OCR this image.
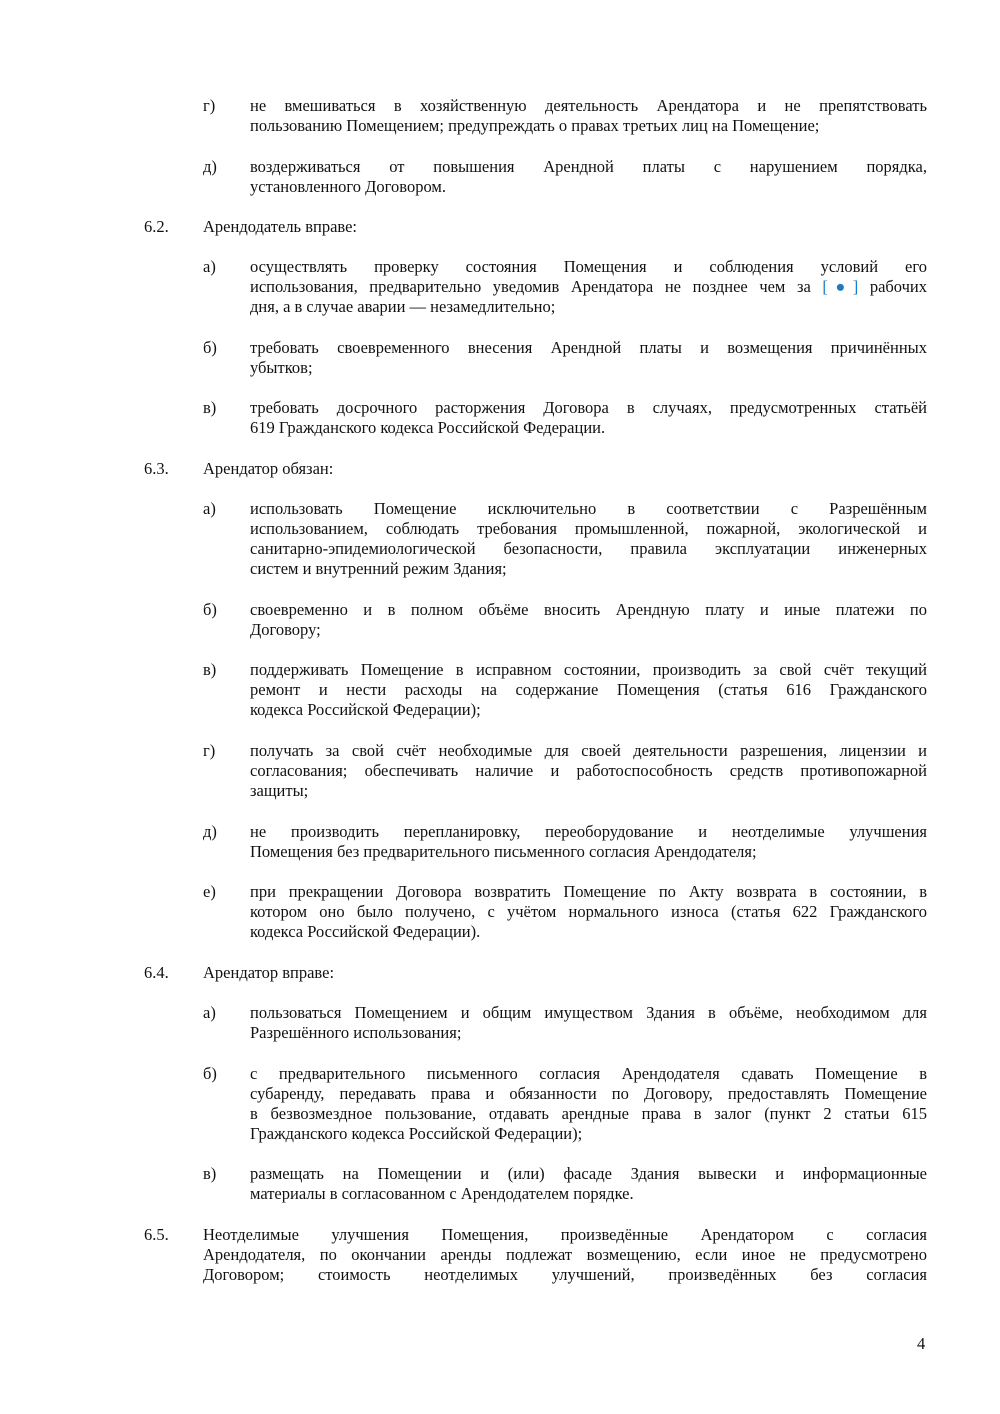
г) не вмешиваться в хозяйственную деятельность Арендатора и не препятствовать
пользованию Помещением; предупреждать о правах третьих лиц на Помещение;
д) воздерживаться от повышения Арендной платы с нарушением порядка,
установленного Договором.
6.2. Арендодатель вправе:
а) осуществлять проверку состояния Помещения и соблюдения условий его
использования, предварительно уведомив Арендатора не позднее чем за [●] рабочих
дня, а в случае аварии — незамедлительно;
б) требовать своевременного внесения Арендной платы и возмещения причинённых
убытков;
в) требовать досрочного расторжения Договора в случаях, предусмотренных статьёй
619 Гражданского кодекса Российской Федерации.
6.3. Арендатор обязан:
а) использовать Помещение исключительно в соответствии с Разрешённым
использованием, соблюдать требования промышленной, пожарной, экологической и
санитарно-эпидемиологической безопасности, правила эксплуатации инженерных
систем и внутренний режим Здания;
б) своевременно и в полном объёме вносить Арендную плату и иные платежи по
Договору;
в) поддерживать Помещение в исправном состоянии, производить за свой счёт текущий
ремонт и нести расходы на содержание Помещения (статья 616 Гражданского
кодекса Российской Федерации);
г) получать за свой счёт необходимые для своей деятельности разрешения, лицензии и
согласования; обеспечивать наличие и работоспособность средств противопожарной
защиты;
д) не производить перепланировку, переоборудование и неотделимые улучшения
Помещения без предварительного письменного согласия Арендодателя;
е) при прекращении Договора возвратить Помещение по Акту возврата в состоянии, в
котором оно было получено, с учётом нормального износа (статья 622 Гражданского
кодекса Российской Федерации).
6.4. Арендатор вправе:
а) пользоваться Помещением и общим имуществом Здания в объёме, необходимом для
Разрешённого использования;
б) с предварительного письменного согласия Арендодателя сдавать Помещение в
субаренду, передавать права и обязанности по Договору, предоставлять Помещение
в безвозмездное пользование, отдавать арендные права в залог (пункт 2 статьи 615
Гражданского кодекса Российской Федерации);
в) размещать на Помещении и (или) фасаде Здания вывески и информационные
материалы в согласованном с Арендодателем порядке.
6.5. Неотделимые улучшения Помещения, произведённые Арендатором с согласия
Арендодателя, по окончании аренды подлежат возмещению, если иное не предусмотрено
Договором; стоимость неотделимых улучшений, произведённых без согласия
4
